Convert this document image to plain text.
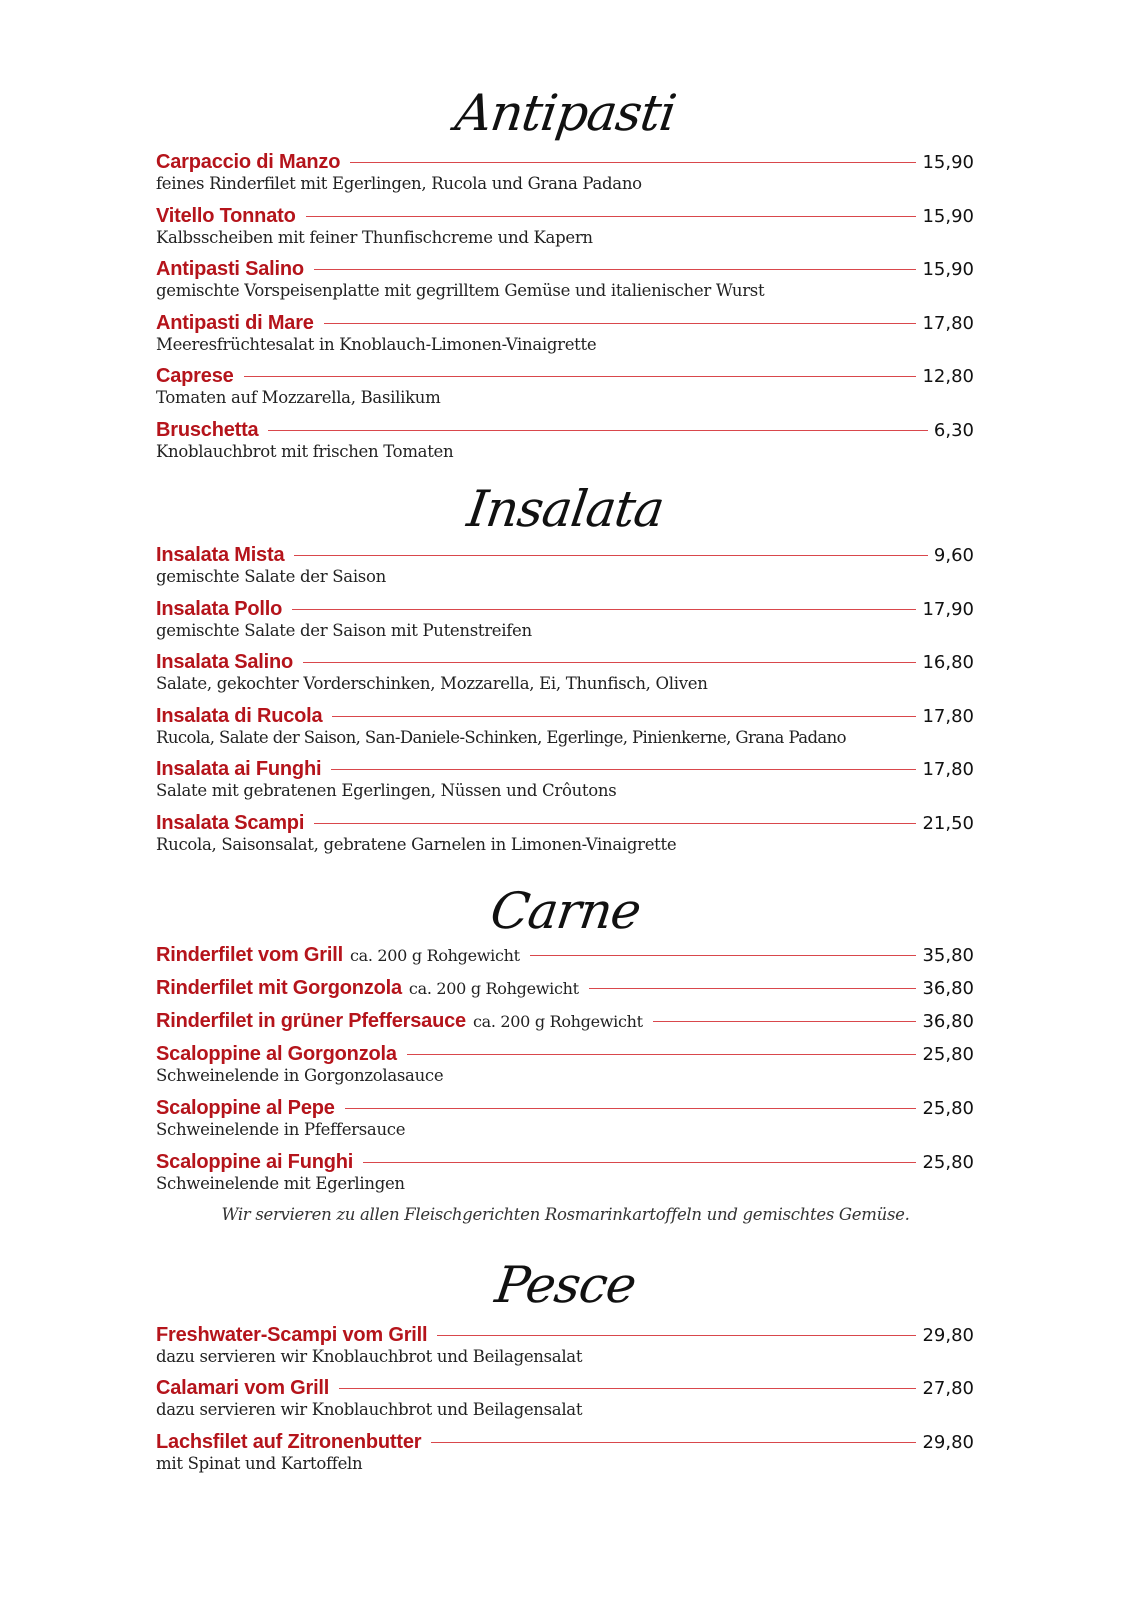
Antipasti
Carpaccio di Manzo	15,90
feines Rinderfilet mit Egerlingen, Rucola und Grana Padano
Vitello Tonnato	15,90
Kalbsscheiben mit feiner Thunfischcreme und Kapern
Antipasti Salino	15,90
gemischte Vorspeisenplatte mit gegrilltem Gemüse und italienischer Wurst
Antipasti di Mare	17,80
Meeresfrüchtesalat in Knoblauch-Limonen-Vinaigrette
Caprese	12,80
Tomaten auf Mozzarella, Basilikum
Bruschetta	6,30
Knoblauchbrot mit frischen Tomaten
Insalata
Insalata Mista	9,60
gemischte Salate der Saison
Insalata Pollo	17,90
gemischte Salate der Saison mit Putenstreifen
Insalata Salino	16,80
Salate, gekochter Vorderschinken, Mozzarella, Ei, Thunfisch, Oliven
Insalata di Rucola	17,80
Rucola, Salate der Saison, San-Daniele-Schinken, Egerlinge, Pinienkerne, Grana Padano
Insalata ai Funghi	17,80
Salate mit gebratenen Egerlingen, Nüssen und Crôutons
Insalata Scampi	21,50
Rucola, Saisonsalat, gebratene Garnelen in Limonen-Vinaigrette
Carne
Rinderfilet vom Grill ca. 200 g Rohgewicht	35,80
Rinderfilet mit Gorgonzola ca. 200 g Rohgewicht	36,80
Rinderfilet in grüner Pfeffersauce ca. 200 g Rohgewicht	36,80
Scaloppine al Gorgonzola	25,80
Schweinelende in Gorgonzolasauce
Scaloppine al Pepe	25,80
Schweinelende in Pfeffersauce
Scaloppine ai Funghi	25,80
Schweinelende mit Egerlingen
Wir servieren zu allen Fleischgerichten Rosmarinkartoffeln und gemischtes Gemüse.
Pesce
Freshwater-Scampi vom Grill	29,80
dazu servieren wir Knoblauchbrot und Beilagensalat
Calamari vom Grill	27,80
dazu servieren wir Knoblauchbrot und Beilagensalat
Lachsfilet auf Zitronenbutter	29,80
mit Spinat und Kartoffeln
